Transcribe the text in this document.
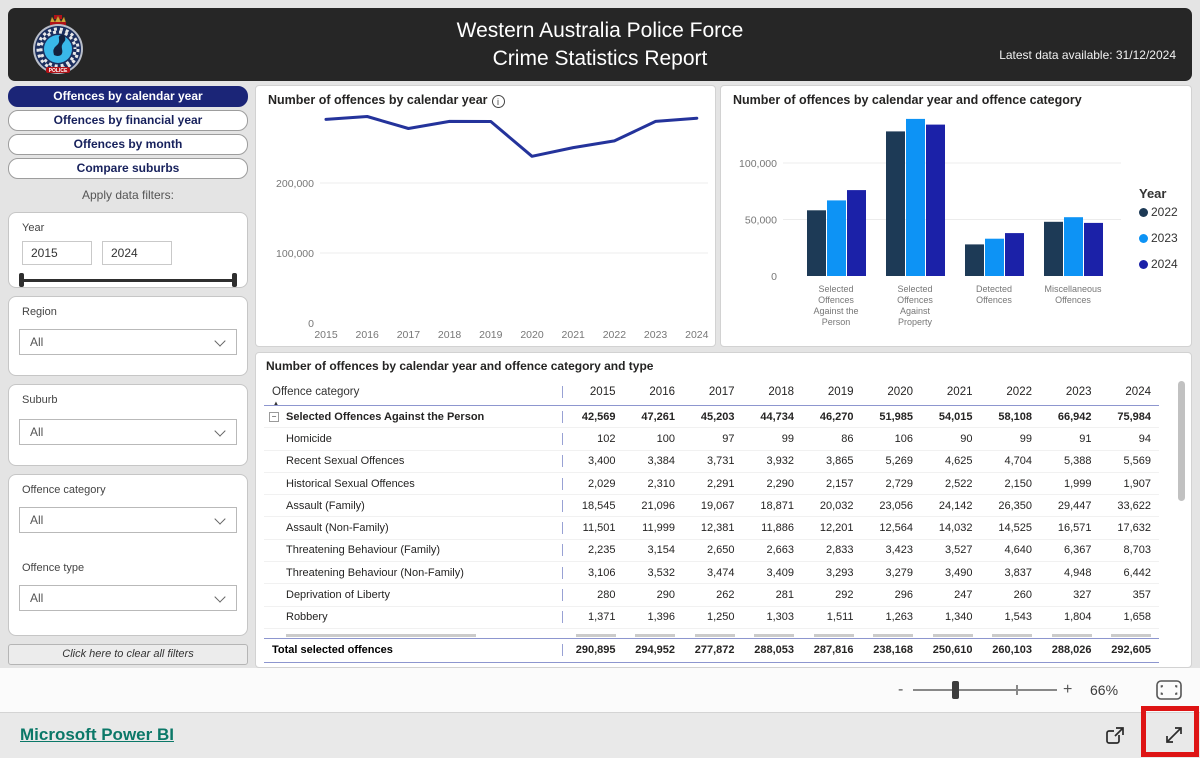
POLICE
Western Australia Police Force
Crime Statistics Report	Latest data available: 31/12/2024
Offences by calendar year
Offences by financial year
Offences by month
Compare suburbs
Apply data filters:
Year
2015
2024
Region
All
Suburb
All
Offence category
All
Offence type
All
Click here to clear all filters
Number of offences by calendar year i
0
100,000
200,000
2015 2016 2017 2018 2019 2020 2021 2022 2023 2024
Number of offences by calendar year and offence category
0
50,000
100,000
Selected
Offences
Against the
Person
Selected
Offences
Against
Property
Detected
Offences
Miscellaneous
Offences
Year
2022
2023
2024
Number of offences by calendar year and offence category and type
Offence category
▲
2015	2016	2017	2018	2019	2020	2021	2022	2023	2024
− Selected Offences Against the Person	42,569	47,261	45,203	44,734	46,270	51,985	54,015	58,108	66,942	75,984
Homicide	102	100	97	99	86	106	90	99	91	94
Recent Sexual Offences	3,400	3,384	3,731	3,932	3,865	5,269	4,625	4,704	5,388	5,569
Historical Sexual Offences	2,029	2,310	2,291	2,290	2,157	2,729	2,522	2,150	1,999	1,907
Assault (Family)	18,545	21,096	19,067	18,871	20,032	23,056	24,142	26,350	29,447	33,622
Assault (Non-Family)	11,501	11,999	12,381	11,886	12,201	12,564	14,032	14,525	16,571	17,632
Threatening Behaviour (Family)	2,235	3,154	2,650	2,663	2,833	3,423	3,527	4,640	6,367	8,703
Threatening Behaviour (Non-Family)	3,106	3,532	3,474	3,409	3,293	3,279	3,490	3,837	4,948	6,442
Deprivation of Liberty	280	290	262	281	292	296	247	260	327	357
Robbery	1,371	1,396	1,250	1,303	1,511	1,263	1,340	1,543	1,804	1,658
Total selected offences	290,895	294,952	277,872	288,053	287,816	238,168	250,610	260,103	288,026	292,605
-	+ 66%
Microsoft Power BI
